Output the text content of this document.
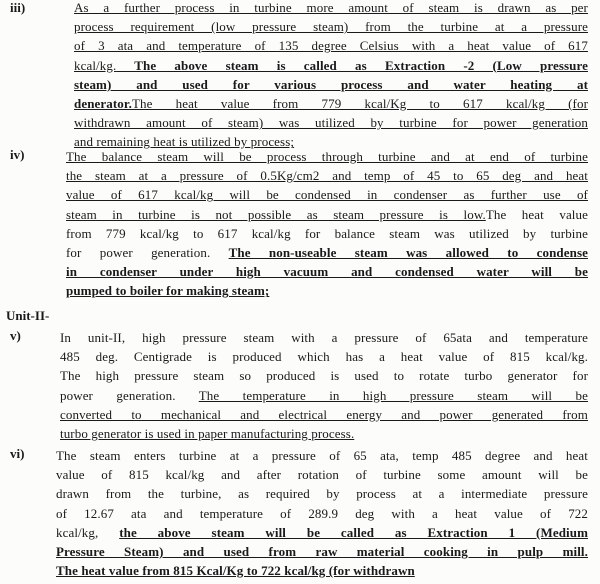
iii)	As a further process in turbine more amount of steam is drawn as per
process requirement (low pressure steam) from the turbine at a pressure
of 3 ata and temperature of 135 degree Celsius with a heat value of 617
kcal/kg. The above steam is called as Extraction -2 (Low pressure
steam) and used for various process and water heating at
denerator.The heat value from 779 kcal/Kg to 617 kcal/kg (for
withdrawn amount of steam) was utilized by turbine for power generation
and remaining heat is utilized by process;
iv)	The balance steam will be process through turbine and at end of turbine
the steam at a pressure of 0.5Kg/cm2 and temp of 45 to 65 deg and heat
value of 617 kcal/kg will be condensed in condenser as further use of
steam in turbine is not possible as steam pressure is low.The heat value
from 779 kcal/kg to 617 kcal/kg for balance steam was utilized by turbine
for power generation. The non-useable steam was allowed to condense
in condenser under high vacuum and condensed water will be
pumped to boiler for making steam;
Unit-II-
v)	In unit-II, high pressure steam with a pressure of 65ata and temperature
485 deg. Centigrade is produced which has a heat value of 815 kcal/kg.
The high pressure steam so produced is used to rotate turbo generator for
power generation. The temperature in high pressure steam will be
converted to mechanical and electrical energy and power generated from
turbo generator is used in paper manufacturing process.
vi) The steam enters turbine at a pressure of 65 ata, temp 485 degree and heat
value of 815 kcal/kg and after rotation of turbine some amount will be
drawn from the turbine, as required by process at a intermediate pressure
of 12.67 ata and temperature of 289.9 deg with a heat value of 722
kcal/kg, the above steam will be called as Extraction 1 (Medium
Pressure Steam) and used from raw material cooking in pulp mill.
The heat value from 815 Kcal/Kg to 722 kcal/kg (for withdrawn
